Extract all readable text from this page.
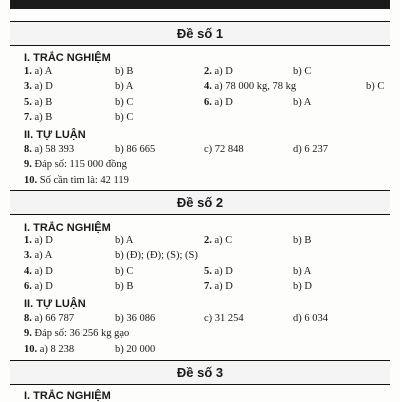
Đề số 1
I. TRẮC NGHIỆM
1. a) A	b) B	2. a) D	b) C
3. a) D	b) A	4. a) 78 000 kg, 78 kg	b) C
5. a) B	b) C	6. a) D	b) A
7. a) B	b) C
II. TỰ LUẬN
8. a) 58 393	b) 86 665	c) 72 848	d) 6 237
9. Đáp số: 115 000 đồng
10. Số cần tìm là: 42 119
Đề số 2
I. TRẮC NGHIỆM
1. a) D	b) A	2. a) C	b) B
3. a) A	b) (Đ); (Đ); (S); (S)
4. a) D	b) C	5. a) D	b) A
6. a) D	b) B	7. a) D	b) D
II. TỰ LUẬN
8. a) 66 787	b) 36 086	c) 31 254	d) 6 034
9. Đáp số: 36 256 kg gạo
10. a) 8 238	b) 20 000
Đề số 3
I. TRẮC NGHIỆM
